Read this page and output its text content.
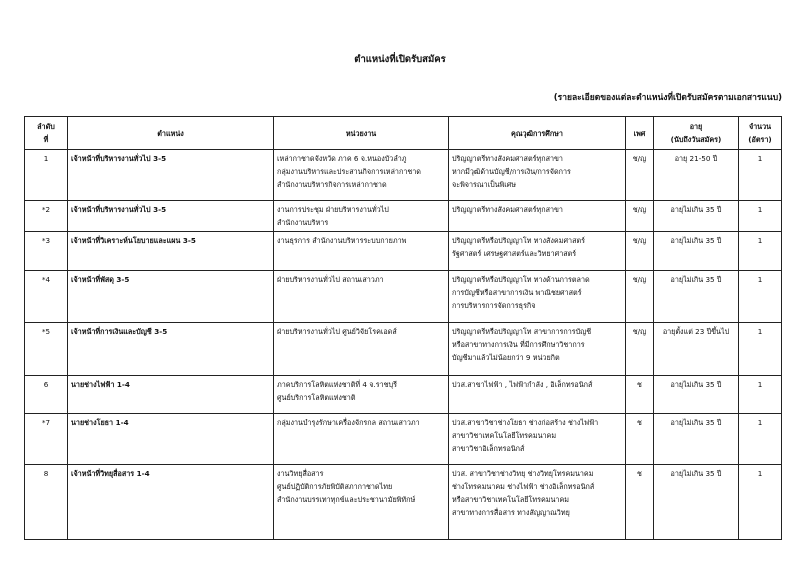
ตำแหน่งที่เปิดรับสมัคร
(รายละเอียดของแต่ละตำแหน่งที่เปิดรับสมัครตามเอกสารแนบ)
ลำดับ
ที่	ตำแหน่ง	หน่วยงาน	คุณวุฒิการศึกษา	เพศ	อายุ
(นับถึงวันสมัคร)	จำนวน
(อัตรา)

1	เจ้าหน้าที่บริหารงานทั่วไป 3-5	เหล่ากาชาดจังหวัด ภาค 6 จ.หนองบัวลำภู
กลุ่มงานบริหารและประสานกิจการเหล่ากาชาด
สำนักงานบริหารกิจการเหล่ากาชาด	ปริญญาตรีทางสังคมศาสตร์ทุกสาขา
หากมีวุฒิด้านบัญชี/การเงิน/การจัดการ
จะพิจารณาเป็นพิเศษ	ช/ญ	อายุ 21-50 ปี	1
*2	เจ้าหน้าที่บริหารงานทั่วไป 3-5	งานการประชุม ฝ่ายบริหารงานทั่วไป
สำนักงานบริหาร	ปริญญาตรีทางสังคมศาสตร์ทุกสาขา	ช/ญ	อายุไม่เกิน 35 ปี	1
*3	เจ้าหน้าที่วิเคราะห์นโยบายและแผน 3-5	งานธุรการ สำนักงานบริหารระบบกายภาพ	ปริญญาตรีหรือปริญญาโท ทางสังคมศาสตร์
รัฐศาสตร์ เศรษฐศาสตร์และวิทยาศาสตร์	ช/ญ	อายุไม่เกิน 35 ปี	1
*4	เจ้าหน้าที่พัสดุ 3-5	ฝ่ายบริหารงานทั่วไป สถานเสาวภา	ปริญญาตรีหรือปริญญาโท ทางด้านการตลาด
การบัญชีหรือสาขาการเงิน พาณิชยศาสตร์
การบริหารการจัดการธุรกิจ	ช/ญ	อายุไม่เกิน 35 ปี	1
*5	เจ้าหน้าที่การเงินและบัญชี 3-5	ฝ่ายบริหารงานทั่วไป ศูนย์วิจัยโรคเอดส์	ปริญญาตรีหรือปริญญาโท สาขาการการบัญชี
หรือสาขาทางการเงิน ที่มีการศึกษาวิชาการ
บัญชีมาแล้วไม่น้อยกว่า 9 หน่วยกิต	ช/ญ	อายุตั้งแต่ 23 ปีขึ้นไป	1
6	นายช่างไฟฟ้า 1-4	ภาคบริการโลหิตแห่งชาติที่ 4 จ.ราชบุรี
ศูนย์บริการโลหิตแห่งชาติ	ปวส.สาขาไฟฟ้า , ไฟฟ้ากำลัง , อิเล็กทรอนิกส์	ช	อายุไม่เกิน 35 ปี	1
*7	นายช่างโยธา 1-4	กลุ่มงานบำรุงรักษาเครื่องจักรกล สถานเสาวภา	ปวส.สาขาวิชาช่างโยธา ช่างก่อสร้าง ช่างไฟฟ้า
สาขาวิชาเทคโนโลยีโทรคมนาคม
สาขาวิชาอิเล็กทรอนิกส์	ช	อายุไม่เกิน 35 ปี	1
8	เจ้าหน้าที่วิทยุสื่อสาร 1-4	งานวิทยุสื่อสาร
ศูนย์ปฏิบัติการภัยพิบัติสภากาชาดไทย
สำนักงานบรรเทาทุกข์และประชานามัยพิทักษ์	ปวส. สาขาวิชาช่างวิทยุ ช่างวิทยุโทรคมนาคม
ช่างโทรคมนาคม ช่างไฟฟ้า ช่างอิเล็กทรอนิกส์
หรือสาขาวิชาเทคโนโลยีโทรคมนาคม
สาขาทางการสื่อสาร ทางสัญญาณวิทยุ	ช	อายุไม่เกิน 35 ปี	1
